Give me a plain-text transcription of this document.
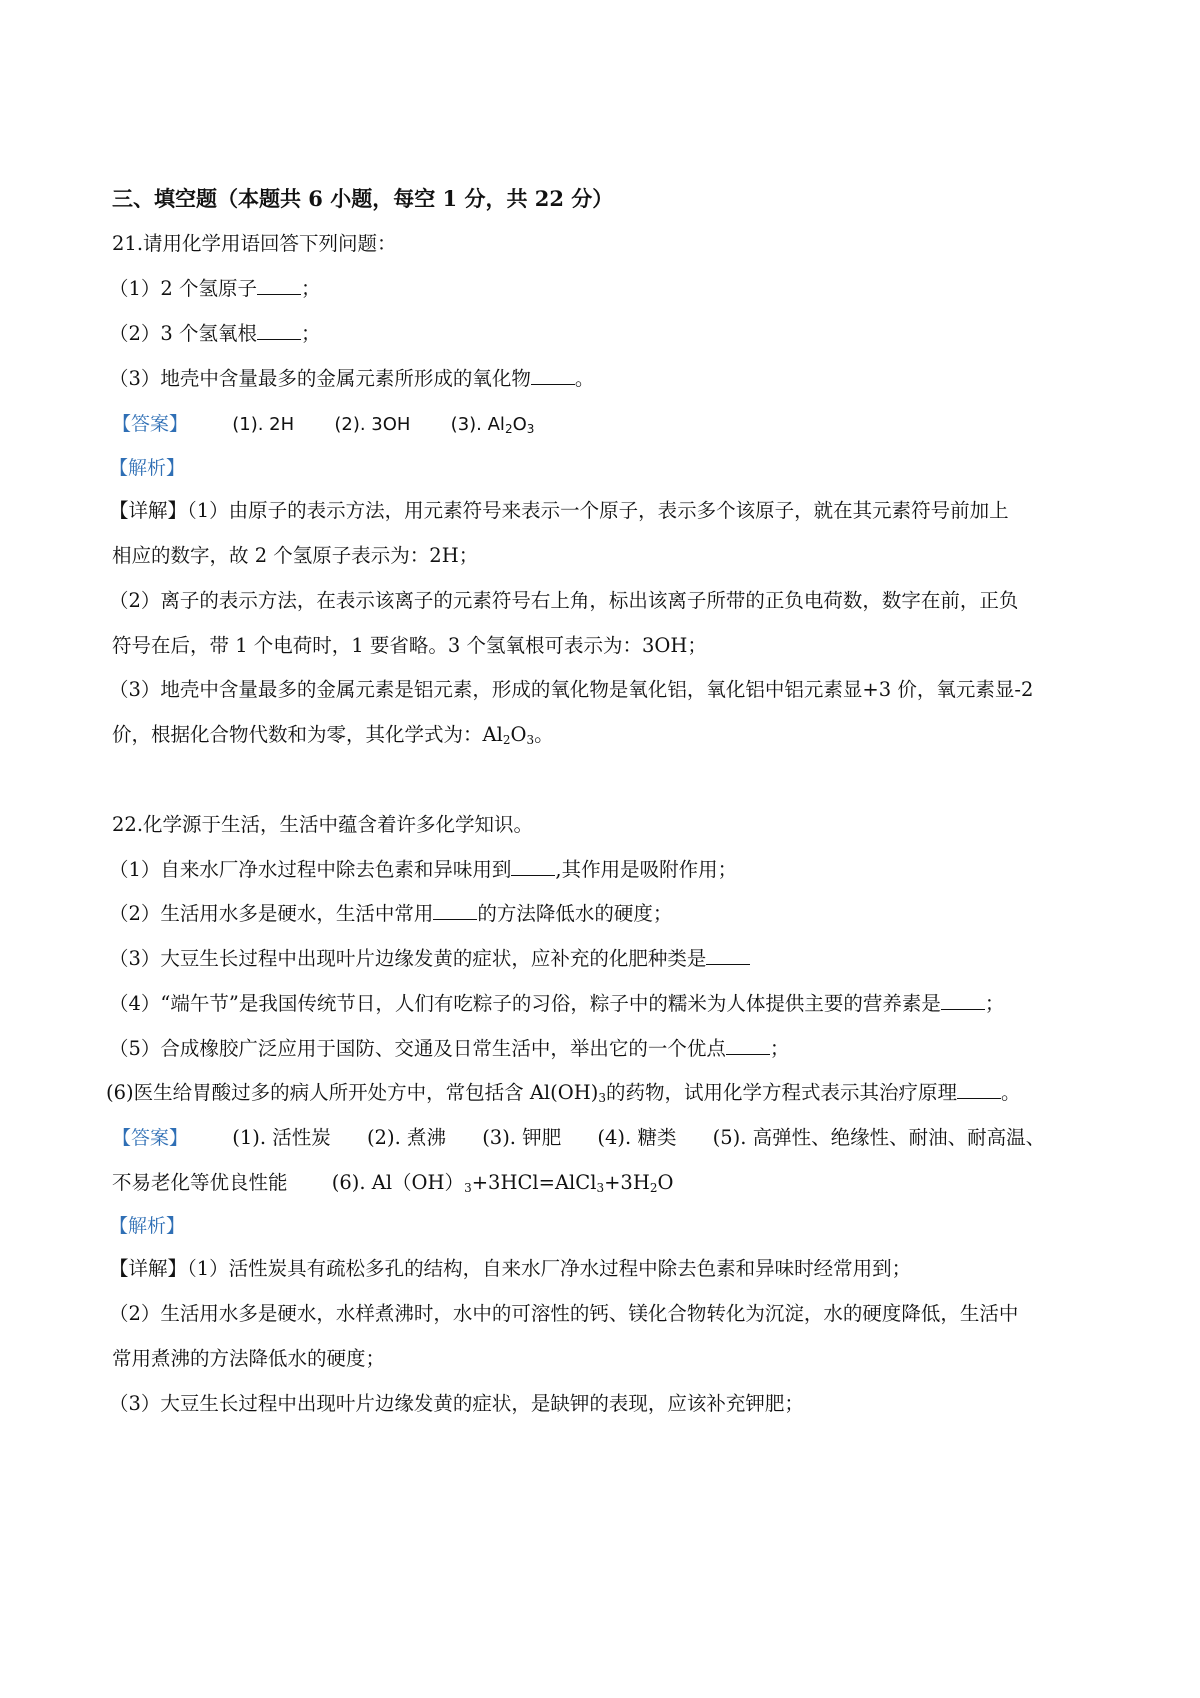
三、填空题（本题共 6 小题，每空 1 分，共 22 分）
21.请用化学用语回答下列问题：
（1）2 个氢原子 ；
（2）3 个氢氧根 ；
（3）地壳中含量最多的金属元素所形成的氧化物 。
【答案】 (1). 2H (2). 3OH (3). $Al_2O_3$
【解析】
【详解】（1）由原子的表示方法，用元素符号来表示一个原子，表示多个该原子，就在其元素符号前加上
相应的数字，故 2 个氢原子表示为：2H；
（2）离子的表示方法，在表示该离子的元素符号右上角，标出该离子所带的正负电荷数，数字在前，正负
符号在后，带 1 个电荷时，1 要省略。3 个氢氧根可表示为：3OH；
（3）地壳中含量最多的金属元素是铝元素，形成的氧化物是氧化铝，氧化铝中铝元素显+3 价，氧元素显-2
价，根据化合物代数和为零，其化学式为：$Al_2O_3$。
22.化学源于生活，生活中蕴含着许多化学知识。
（1）自来水厂净水过程中除去色素和异味用到 ,其作用是吸附作用；
（2）生活用水多是硬水，生活中常用 的方法降低水的硬度；
（3）大豆生长过程中出现叶片边缘发黄的症状，应补充的化肥种类是
（4）“端午节”是我国传统节日，人们有吃粽子的习俗，粽子中的糯米为人体提供主要的营养素是 ；
（5）合成橡胶广泛应用于国防、交通及日常生活中，举出它的一个优点 ；
(6)医生给胃酸过多的病人所开处方中，常包括含 $Al(OH)_3$的药物，试用化学方程式表示其治疗原理 。
【答案】 (1). 活性炭 (2). 煮沸 (3). 钾肥 (4). 糖类 (5). 高弹性、绝缘性、耐油、耐高温、
不易老化等优良性能 (6). $Al(OH)_3+3HCl=AlCl_3+3H_2O$
【解析】
【详解】（1）活性炭具有疏松多孔的结构，自来水厂净水过程中除去色素和异味时经常用到；
（2）生活用水多是硬水，水样煮沸时，水中的可溶性的钙、镁化合物转化为沉淀，水的硬度降低，生活中
常用煮沸的方法降低水的硬度；
（3）大豆生长过程中出现叶片边缘发黄的症状，是缺钾的表现，应该补充钾肥；
